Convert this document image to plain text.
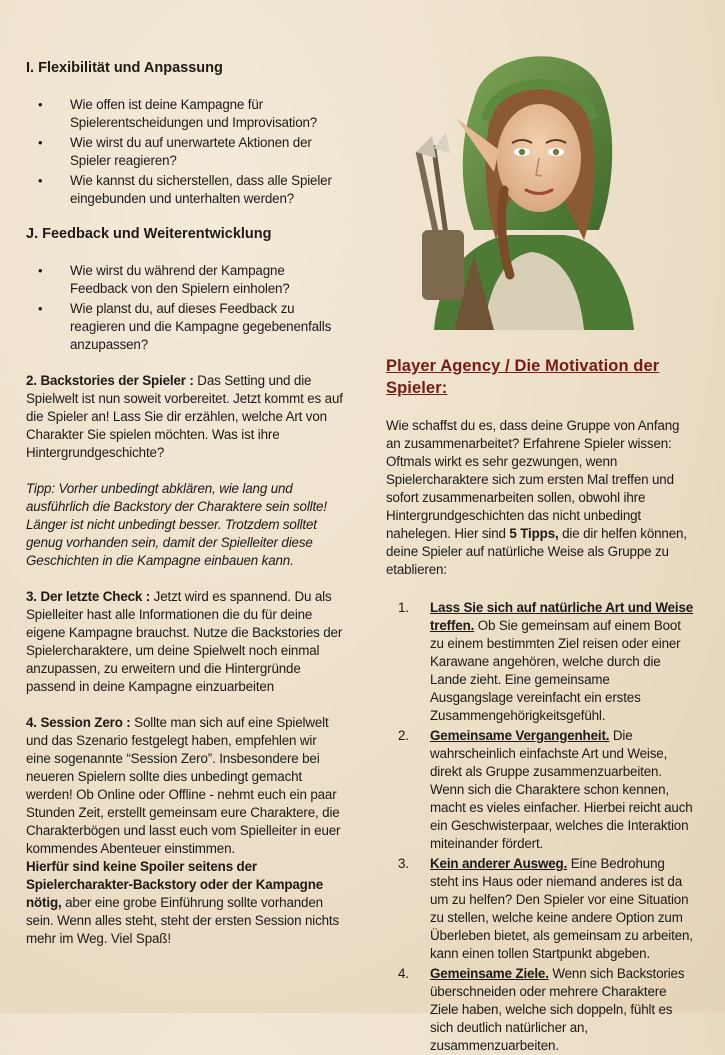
I. Flexibilität und Anpassung
• Wie offen ist deine Kampagne für Spielerentscheidungen und Improvisation?
• Wie wirst du auf unerwartete Aktionen der Spieler reagieren?
• Wie kannst du sicherstellen, dass alle Spieler eingebunden und unterhalten werden?
J. Feedback und Weiterentwicklung
• Wie wirst du während der Kampagne Feedback von den Spielern einholen?
• Wie planst du, auf dieses Feedback zu reagieren und die Kampagne gegebenenfalls anzupassen?

2. Backstories der Spieler : Das Setting und die Spielwelt ist nun soweit vorbereitet. Jetzt kommt es auf die Spieler an! Lass Sie dir erzählen, welche Art von Charakter Sie spielen möchten. Was ist ihre Hintergrundgeschichte?

Tipp: Vorher unbedingt abklären, wie lang und ausführlich die Backstory der Charaktere sein sollte! Länger ist nicht unbedingt besser. Trotzdem solltet genug vorhanden sein, damit der Spielleiter diese Geschichten in die Kampagne einbauen kann.

3. Der letzte Check : Jetzt wird es spannend. Du als Spielleiter hast alle Informationen die du für deine eigene Kampagne brauchst. Nutze die Backstories der Spielercharaktere, um deine Spielwelt noch einmal anzupassen, zu erweitern und die Hintergründe passend in deine Kampagne einzuarbeiten

4. Session Zero : Sollte man sich auf eine Spielwelt und das Szenario festgelegt haben, empfehlen wir eine sogenannte “Session Zero”. Insbesondere bei neueren Spielern sollte dies unbedingt gemacht werden! Ob Online oder Offline - nehmt euch ein paar Stunden Zeit, erstellt gemeinsam eure Charaktere, die Charakterbögen und lasst euch vom Spielleiter in euer kommendes Abenteuer einstimmen.
Hierfür sind keine Spoiler seitens der Spielercharakter-Backstory oder der Kampagne nötig, aber eine grobe Einführung sollte vorhanden sein. Wenn alles steht, steht der ersten Session nichts mehr im Weg. Viel Spaß!

Player Agency / Die Motivation der Spieler:

Wie schaffst du es, dass deine Gruppe von Anfang an zusammenarbeitet? Erfahrene Spieler wissen: Oftmals wirkt es sehr gezwungen, wenn Spielercharaktere sich zum ersten Mal treffen und sofort zusammenarbeiten sollen, obwohl ihre Hintergrundgeschichten das nicht unbedingt nahelegen. Hier sind 5 Tipps, die dir helfen können, deine Spieler auf natürliche Weise als Gruppe zu etablieren:

1. Lass Sie sich auf natürliche Art und Weise treffen. Ob Sie gemeinsam auf einem Boot zu einem bestimmten Ziel reisen oder einer Karawane angehören, welche durch die Lande zieht. Eine gemeinsame Ausgangslage vereinfacht ein erstes Zusammengehörigkeitsgefühl.
2. Gemeinsame Vergangenheit. Die wahrscheinlich einfachste Art und Weise, direkt als Gruppe zusammenzuarbeiten. Wenn sich die Charaktere schon kennen, macht es vieles einfacher. Hierbei reicht auch ein Geschwisterpaar, welches die Interaktion miteinander fördert.
3. Kein anderer Ausweg. Eine Bedrohung steht ins Haus oder niemand anderes ist da um zu helfen? Den Spieler vor eine Situation zu stellen, welche keine andere Option zum Überleben bietet, als gemeinsam zu arbeiten, kann einen tollen Startpunkt abgeben.
4. Gemeinsame Ziele. Wenn sich Backstories überschneiden oder mehrere Charaktere Ziele haben, welche sich doppeln, fühlt es sich deutlich natürlicher an, zusammenzuarbeiten.
